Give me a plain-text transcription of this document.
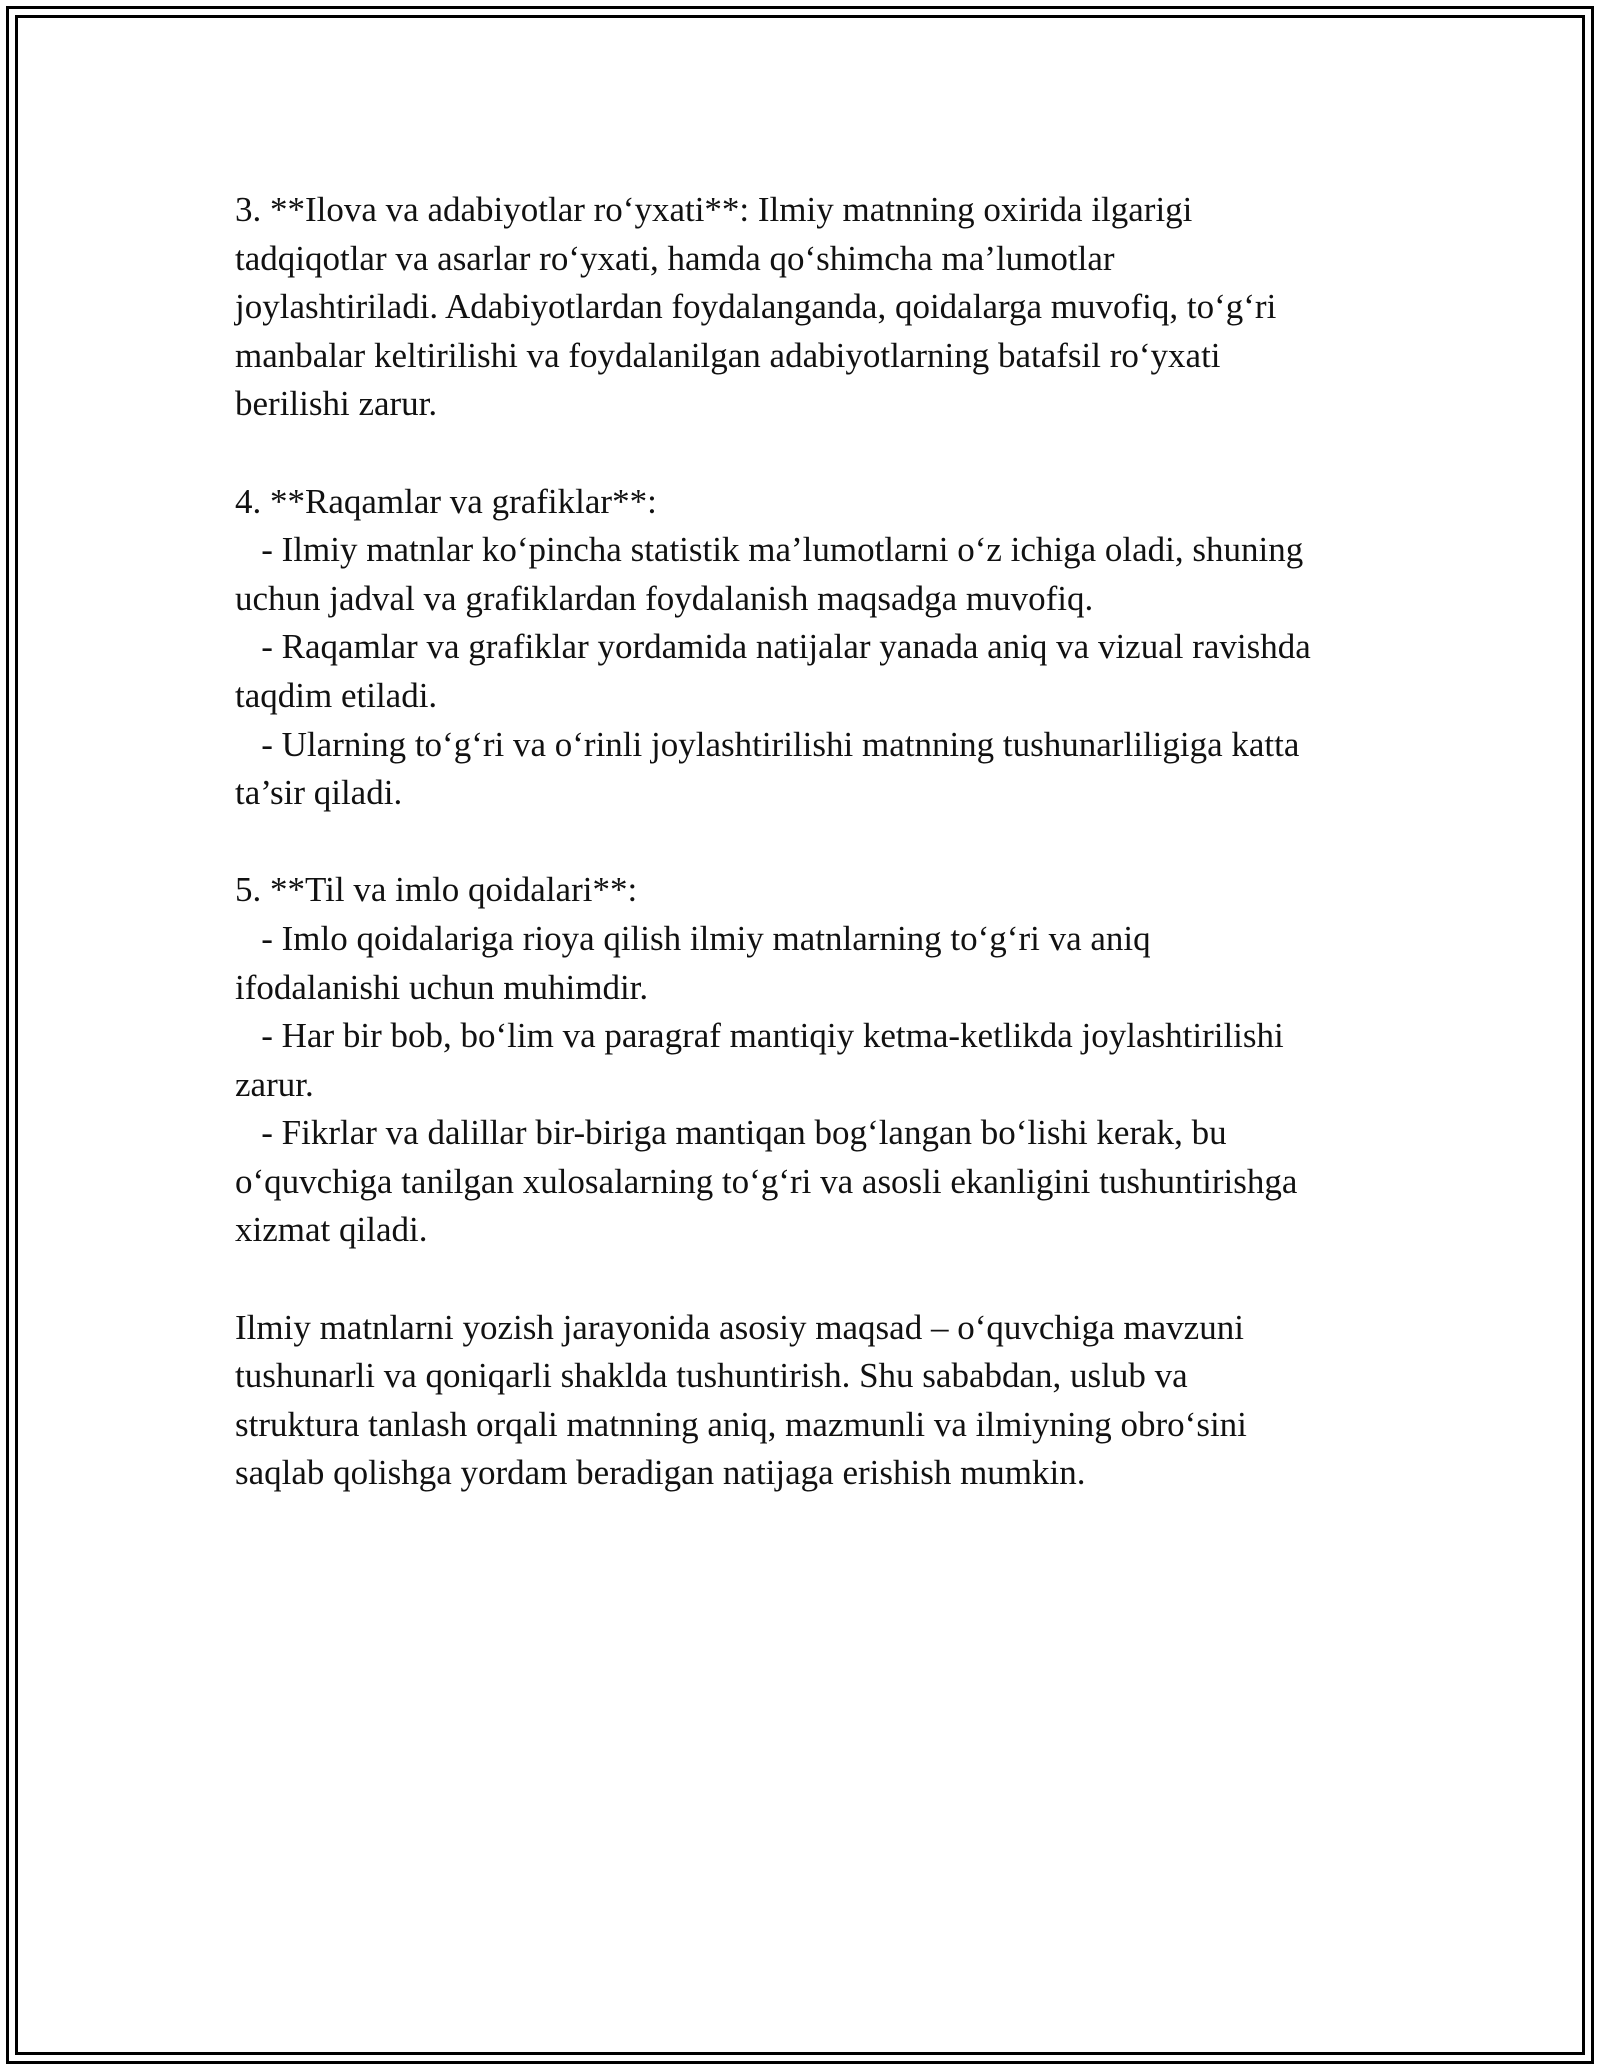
3. **Ilova va adabiyotlar ro‘yxati**: Ilmiy matnning oxirida ilgarigi
tadqiqotlar va asarlar ro‘yxati, hamda qo‘shimcha ma’lumotlar
joylashtiriladi. Adabiyotlardan foydalanganda, qoidalarga muvofiq, to‘g‘ri
manbalar keltirilishi va foydalanilgan adabiyotlarning batafsil ro‘yxati
berilishi zarur.
4. **Raqamlar va grafiklar**:
- Ilmiy matnlar ko‘pincha statistik ma’lumotlarni o‘z ichiga oladi, shuning
uchun jadval va grafiklardan foydalanish maqsadga muvofiq.
- Raqamlar va grafiklar yordamida natijalar yanada aniq va vizual ravishda
taqdim etiladi.
- Ularning to‘g‘ri va o‘rinli joylashtirilishi matnning tushunarliligiga katta
ta’sir qiladi.
5. **Til va imlo qoidalari**:
- Imlo qoidalariga rioya qilish ilmiy matnlarning to‘g‘ri va aniq
ifodalanishi uchun muhimdir.
- Har bir bob, bo‘lim va paragraf mantiqiy ketma-ketlikda joylashtirilishi
zarur.
- Fikrlar va dalillar bir-biriga mantiqan bog‘langan bo‘lishi kerak, bu
o‘quvchiga tanilgan xulosalarning to‘g‘ri va asosli ekanligini tushuntirishga
xizmat qiladi.
Ilmiy matnlarni yozish jarayonida asosiy maqsad – o‘quvchiga mavzuni
tushunarli va qoniqarli shaklda tushuntirish. Shu sababdan, uslub va
struktura tanlash orqali matnning aniq, mazmunli va ilmiyning obro‘sini
saqlab qolishga yordam beradigan natijaga erishish mumkin.
